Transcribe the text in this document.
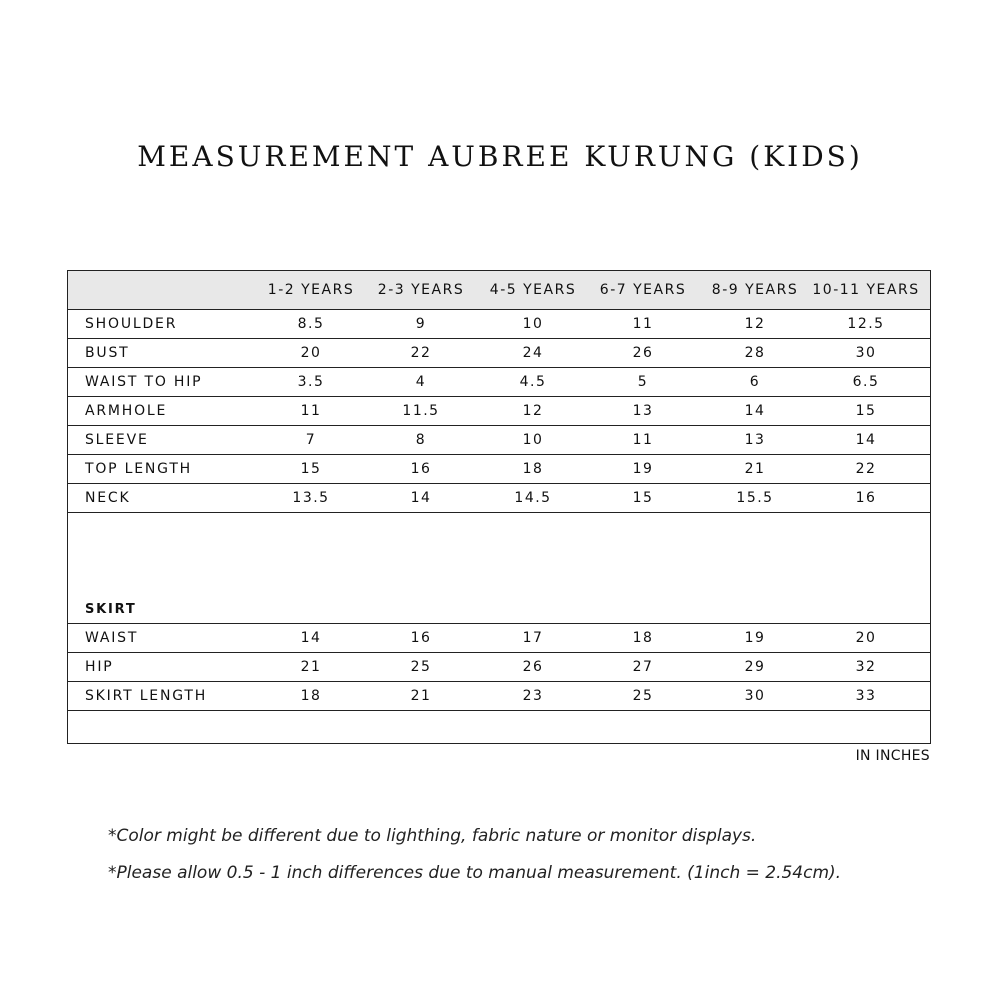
MEASUREMENT AUBREE KURUNG (KIDS)
1-2 YEARS	2-3 YEARS	4-5 YEARS	6-7 YEARS	8-9 YEARS	10-11 YEARS
SHOULDER	8.5	9	10	11	12	12.5
BUST	20	22	24	26	28	30
WAIST TO HIP	3.5	4	4.5	5	6	6.5
ARMHOLE	11	11.5	12	13	14	15
SLEEVE	7	8	10	11	13	14
TOP LENGTH	15	16	18	19	21	22
NECK	13.5	14	14.5	15	15.5	16
SKIRT
WAIST	14	16	17	18	19	20
HIP	21	25	26	27	29	32
SKIRT LENGTH	18	21	23	25	30	33
IN INCHES
*Color might be different due to lighthing, fabric nature or monitor displays.
*Please allow 0.5 - 1 inch differences due to manual measurement. (1inch = 2.54cm).
